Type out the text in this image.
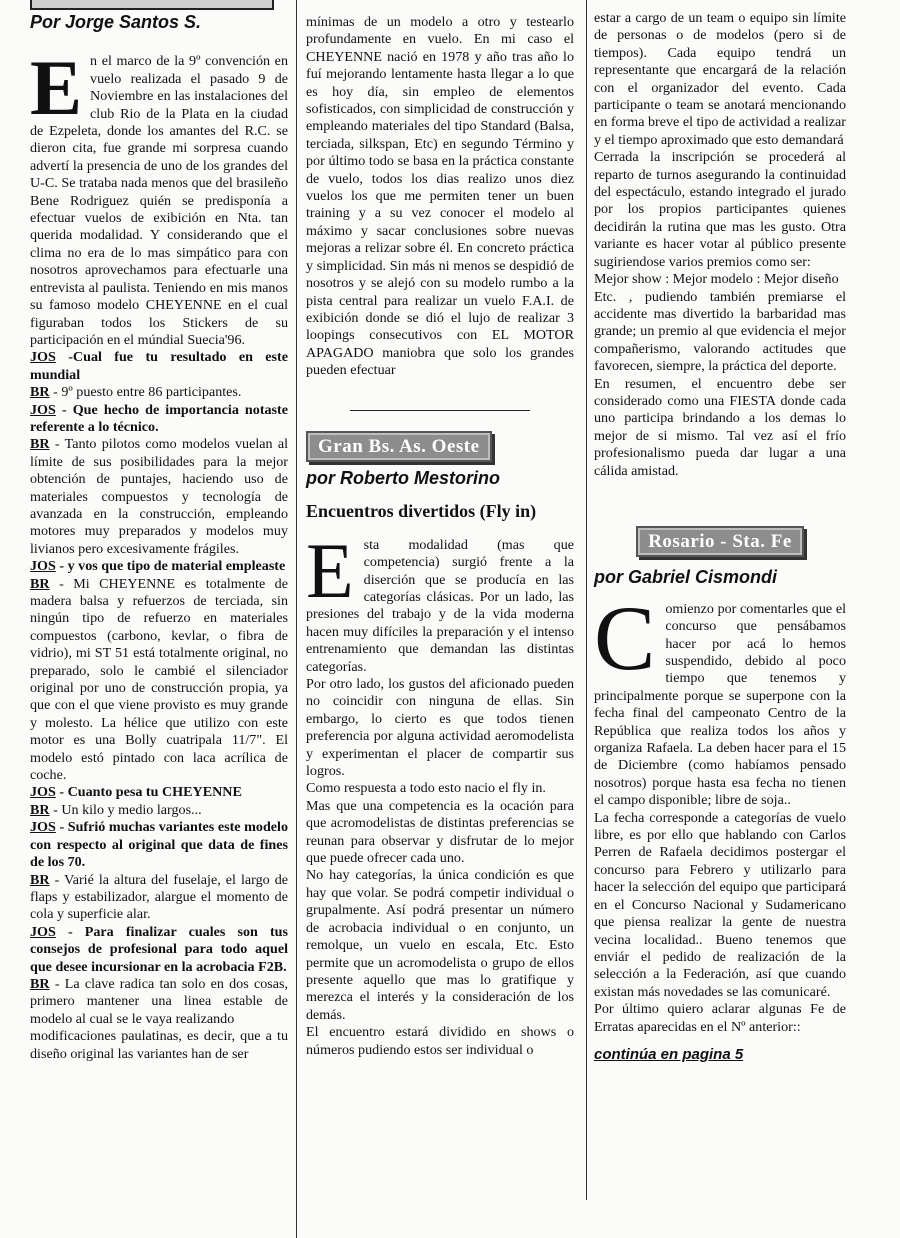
Por Jorge Santos S.

En el marco de la 9º convención en vuelo realizada el pasado 9 de Noviembre en las instalaciones del club Rio de la Plata en la ciudad de Ezpeleta, donde los amantes del R.C. se dieron cita, fue grande mi sorpresa cuando advertí la presencia de uno de los grandes del U-C. Se trataba nada menos que del brasileño Bene Rodriguez quién se predisponía a efectuar vuelos de exibición en Nta. tan querida modalidad. Y considerando que el clima no era de lo mas simpático para con nosotros aprovechamos para efectuarle una entrevista al paulista. Teniendo en mis manos su famoso modelo CHEYENNE en el cual figuraban todos los Stickers de su participación en el múndial Suecia'96.

JOS -Cual fue tu resultado en este mundial

BR - 9º puesto entre 86 participantes.

JOS - Que hecho de importancia notaste referente a lo técnico.

BR - Tanto pilotos como modelos vuelan al límite de sus posibilidades para la mejor obtención de puntajes, haciendo uso de materiales compuestos y tecnología de avanzada en la construcción, empleando motores muy preparados y modelos muy livianos pero excesivamente frágiles.

JOS - y vos que tipo de material empleaste

BR - Mi CHEYENNE es totalmente de madera balsa y refuerzos de terciada, sin ningún tipo de refuerzo en materiales compuestos (carbono, kevlar, o fibra de vidrio), mi ST 51 está totalmente original, no preparado, solo le cambié el silenciador original por uno de construcción propia, ya que con el que viene provisto es muy grande y molesto. La hélice que utilizo con este motor es una Bolly cuatripala 11/7". El modelo estó pintado con laca acrílica de coche.

JOS - Cuanto pesa tu CHEYENNE

BR - Un kilo y medio largos...

JOS - Sufrió muchas variantes este modelo con respecto al original que data de fines de los 70.

BR - Varié la altura del fuselaje, el largo de flaps y estabilizador, alargue el momento de cola y superficie alar.

JOS - Para finalizar cuales son tus consejos de profesional para todo aquel que desee incursionar en la acrobacia F2B.

BR - La clave radica tan solo en dos cosas, primero mantener una linea estable de modelo al cual se le vaya realizando

modificaciones paulatinas, es decir, que a tu diseño original las variantes han de ser

mínimas de un modelo a otro y testearlo profundamente en vuelo. En mi caso el CHEYENNE nació en 1978 y año tras año lo fuí mejorando lentamente hasta llegar a lo que es hoy día, sin empleo de elementos sofisticados, con simplicidad de construcción y empleando materiales del tipo Standard (Balsa, terciada, silkspan, Etc) en segundo Término y por último todo se basa en la práctica constante de vuelo, todos los dias realizo unos diez vuelos los que me permiten tener un buen training y a su vez conocer el modelo al máximo y sacar conclusiones sobre nuevas mejoras a relizar sobre él. En concreto práctica y simplicidad. Sin más ni menos se despidió de nosotros y se alejó con su modelo rumbo a la pista central para realizar un vuelo F.A.I. de exibición donde se dió el lujo de realizar 3 loopings consecutivos con EL MOTOR APAGADO maniobra que solo los grandes pueden efectuar

Gran Bs. As. Oeste

por Roberto Mestorino

Encuentros divertidos (Fly in)

Esta modalidad (mas que competencia) surgió frente a la diserción que se producía en las categorías clásicas. Por un lado, las presiones del trabajo y de la vida moderna hacen muy difíciles la preparación y el intenso entrenamiento que demandan las distintas categorías.

Por otro lado, los gustos del aficionado pueden no coincidir con ninguna de ellas. Sin embargo, lo cierto es que todos tienen preferencia por alguna actividad aeromodelista y experimentan el placer de compartir sus logros.

Como respuesta a todo esto nacio el fly in.

Mas que una competencia es la ocación para que acromodelistas de distintas preferencias se reunan para observar y disfrutar de lo mejor que puede ofrecer cada uno.

No hay categorías, la única condición es que hay que volar. Se podrá competir individual o grupalmente. Así podrá presentar un número de acrobacia individual o en conjunto, un remolque, un vuelo en escala, Etc. Esto permite que un acromodelista o grupo de ellos presente aquello que mas lo gratifique y merezca el interés y la consideración de los demás.

El encuentro estará dividido en shows o números pudiendo estos ser individual o

estar a cargo de un team o equipo sin límite de personas o de modelos (pero si de tiempos). Cada equipo tendrá un representante que encargará de la relación con el organizador del evento. Cada participante o team se anotará mencionando en forma breve el tipo de actividad a realizar y el tiempo aproximado que esto demandará

Cerrada la inscripción se procederá al reparto de turnos asegurando la continuidad del espectáculo, estando integrado el jurado por los propios participantes quienes decidirán la rutina que mas les gusto. Otra variante es hacer votar al público presente sugiriendose varios premios como ser:

Mejor show : Mejor modelo : Mejor diseño

Etc. , pudiendo también premiarse el accidente mas divertido la barbaridad mas grande; un premio al que evidencia el mejor compañerismo, valorando actitudes que favorecen, siempre, la práctica del deporte.

En resumen, el encuentro debe ser considerado como una FIESTA donde cada uno participa brindando a los demas lo mejor de si mismo. Tal vez así el frío profesionalismo pueda dar lugar a una cálida amistad.

Rosario - Sta. Fe

por Gabriel Cismondi

Comienzo por comentarles que el concurso que pensábamos hacer por acá lo hemos suspendido, debido al poco tiempo que tenemos y principalmente porque se superpone con la fecha final del campeonato Centro de la República que realiza todos los años y organiza Rafaela. La deben hacer para el 15 de Diciembre (como habíamos pensado nosotros) porque hasta esa fecha no tienen el campo disponible; libre de soja..

La fecha corresponde a categorías de vuelo libre, es por ello que hablando con Carlos Perren de Rafaela decidimos postergar el concurso para Febrero y utilizarlo para hacer la selección del equipo que participará en el Concurso Nacional y Sudamericano que piensa realizar la gente de nuestra vecina localidad.. Bueno tenemos que enviár el pedido de realización de la selección a la Federación, así que cuando existan más novedades se las comunicaré.

Por último quiero aclarar algunas Fe de Erratas aparecidas en el Nº anterior::

continúa en pagina 5
